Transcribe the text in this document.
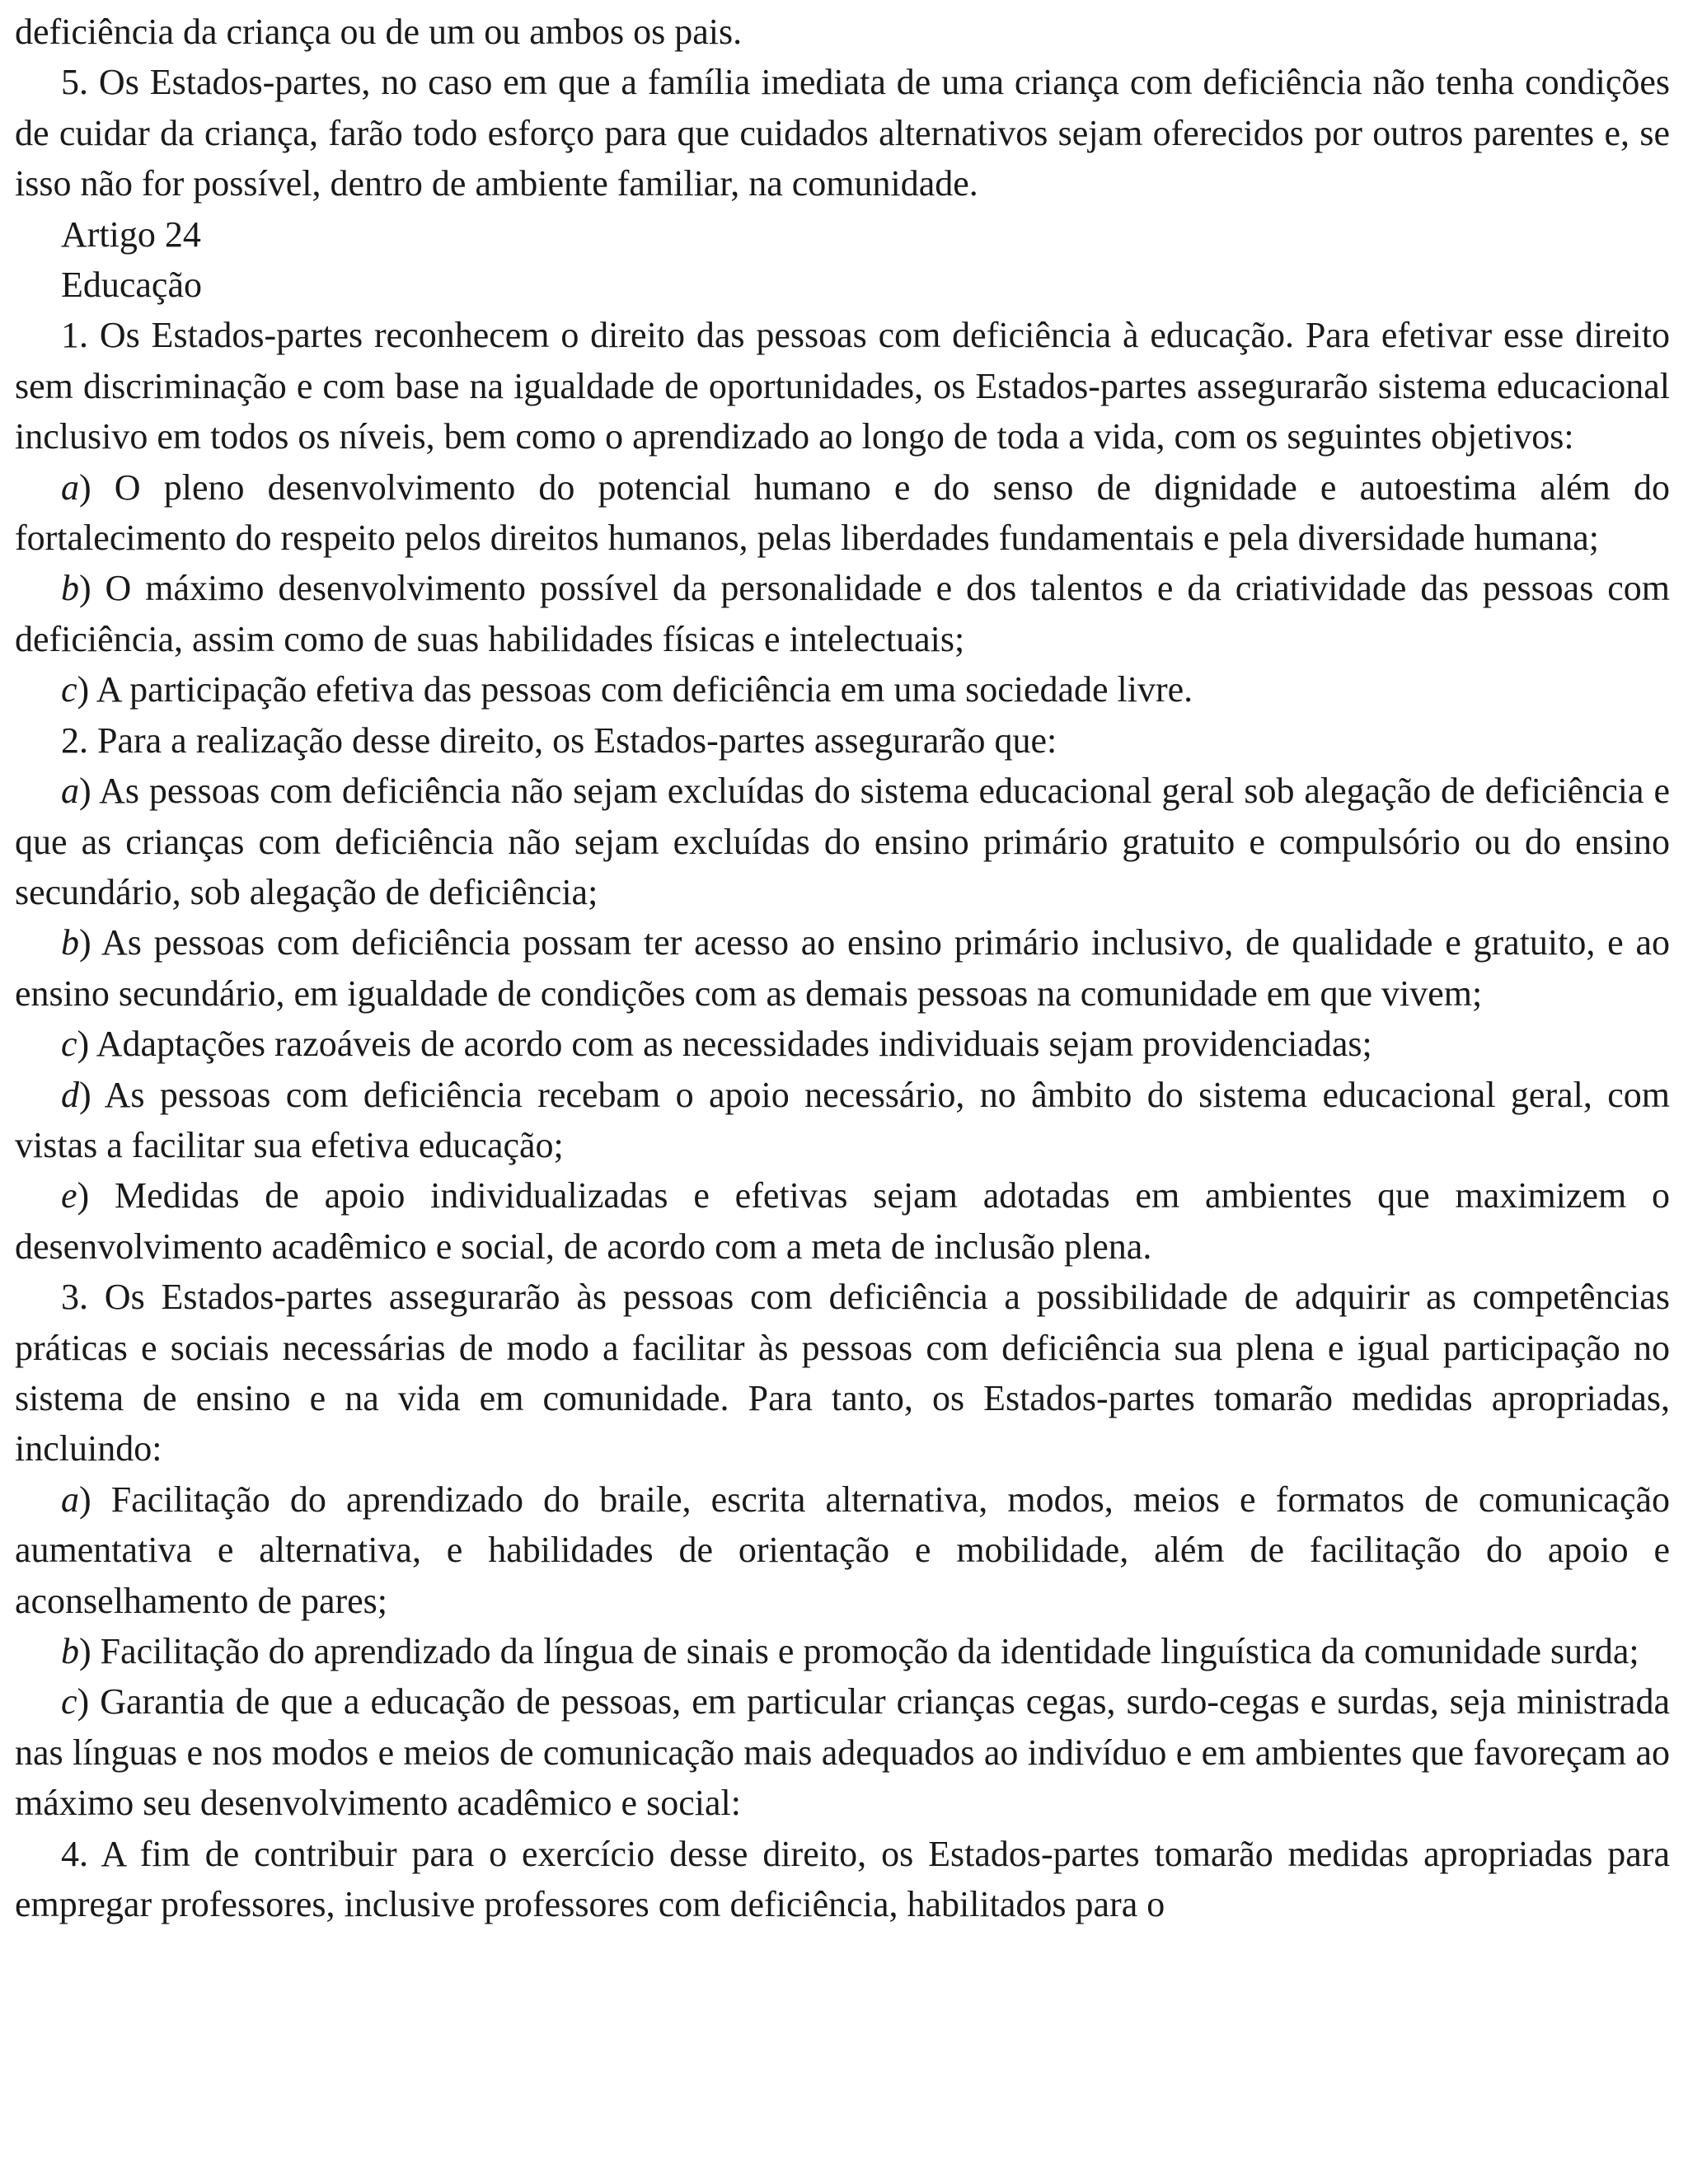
deficiência da criança ou de um ou ambos os pais.

5. Os Estados-partes, no caso em que a família imediata de uma criança com deficiência não tenha condições de cuidar da criança, farão todo esforço para que cuidados alternativos sejam oferecidos por outros parentes e, se isso não for possível, dentro de ambiente familiar, na comunidade.

Artigo 24

Educação

1. Os Estados-partes reconhecem o direito das pessoas com deficiência à educação. Para efetivar esse direito sem discriminação e com base na igualdade de oportunidades, os Estados-partes assegurarão sistema educacional inclusivo em todos os níveis, bem como o aprendizado ao longo de toda a vida, com os seguintes objetivos:

a) O pleno desenvolvimento do potencial humano e do senso de dignidade e autoestima além do fortalecimento do respeito pelos direitos humanos, pelas liberdades fundamentais e pela diversidade humana;

b) O máximo desenvolvimento possível da personalidade e dos talentos e da criatividade das pessoas com deficiência, assim como de suas habilidades físicas e intelectuais;

c) A participação efetiva das pessoas com deficiência em uma sociedade livre.

2. Para a realização desse direito, os Estados-partes assegurarão que:

a) As pessoas com deficiência não sejam excluídas do sistema educacional geral sob alegação de deficiência e que as crianças com deficiência não sejam excluídas do ensino primário gratuito e compulsório ou do ensino secundário, sob alegação de deficiência;

b) As pessoas com deficiência possam ter acesso ao ensino primário inclusivo, de qualidade e gratuito, e ao ensino secundário, em igualdade de condições com as demais pessoas na comunidade em que vivem;

c) Adaptações razoáveis de acordo com as necessidades individuais sejam providenciadas;

d) As pessoas com deficiência recebam o apoio necessário, no âmbito do sistema educacional geral, com vistas a facilitar sua efetiva educação;

e) Medidas de apoio individualizadas e efetivas sejam adotadas em ambientes que maximizem o desenvolvimento acadêmico e social, de acordo com a meta de inclusão plena.

3. Os Estados-partes assegurarão às pessoas com deficiência a possibilidade de adquirir as competências práticas e sociais necessárias de modo a facilitar às pessoas com deficiência sua plena e igual participação no sistema de ensino e na vida em comunidade. Para tanto, os Estados-partes tomarão medidas apropriadas, incluindo:

a) Facilitação do aprendizado do braile, escrita alternativa, modos, meios e formatos de comunicação aumentativa e alternativa, e habilidades de orientação e mobilidade, além de facilitação do apoio e aconselhamento de pares;

b) Facilitação do aprendizado da língua de sinais e promoção da identidade linguística da comunidade surda;

c) Garantia de que a educação de pessoas, em particular crianças cegas, surdo-cegas e surdas, seja ministrada nas línguas e nos modos e meios de comunicação mais adequados ao indivíduo e em ambientes que favoreçam ao máximo seu desenvolvimento acadêmico e social:

4. A fim de contribuir para o exercício desse direito, os Estados-partes tomarão medidas apropriadas para empregar professores, inclusive professores com deficiência, habilitados para o
